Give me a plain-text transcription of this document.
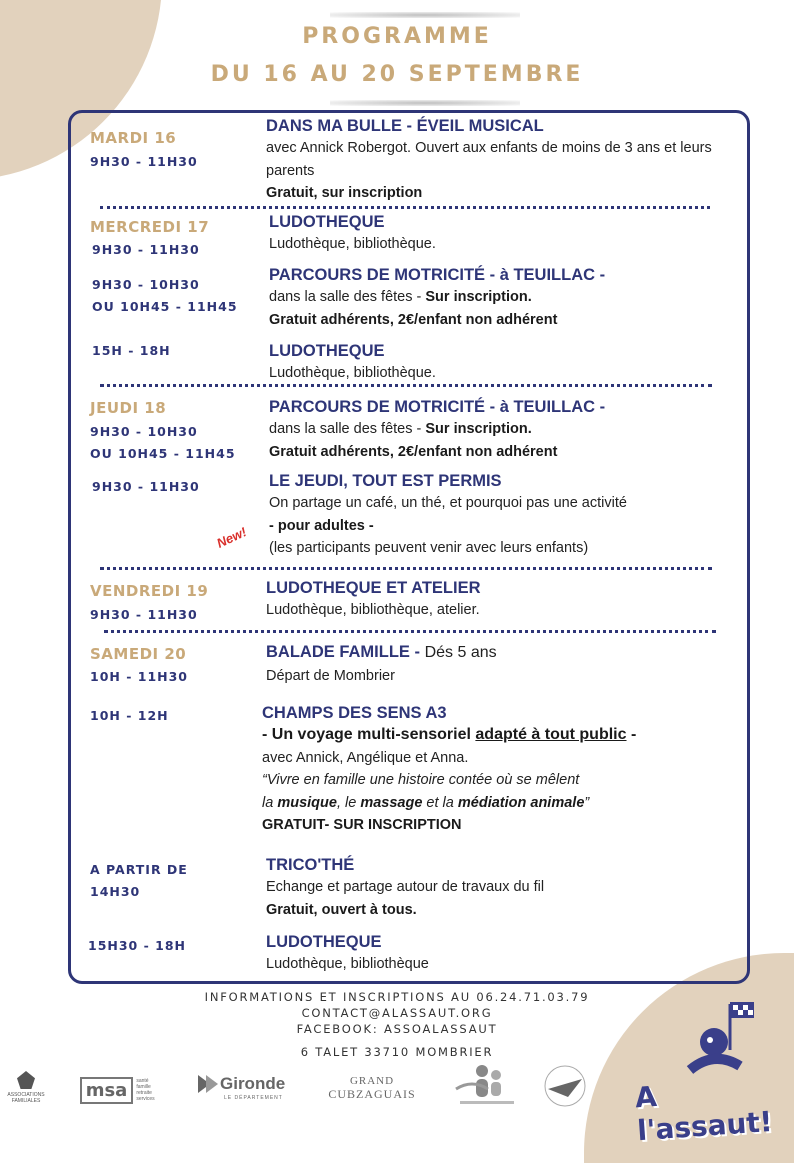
PROGRAMME
DU 16 AU 20 SEPTEMBRE
MARDI 16
9H30 - 11H30
DANS MA BULLE - ÉVEIL MUSICAL
avec Annick Robergot. Ouvert aux enfants de moins de 3 ans et leurs parents
Gratuit, sur inscription
MERCREDI 17
9H30 - 11H30
9H30 - 10H30
OU 10H45 - 11H45
15H - 18H
LUDOTHEQUE
Ludothèque, bibliothèque.
PARCOURS DE MOTRICITÉ - à TEUILLAC -
dans la salle des fêtes - Sur inscription.
Gratuit adhérents, 2€/enfant non adhérent
LUDOTHEQUE
Ludothèque, bibliothèque.
JEUDI 18
9H30 - 10H30
OU 10H45 - 11H45
9H30 - 11H30
New!
PARCOURS DE MOTRICITÉ - à TEUILLAC -
dans la salle des fêtes - Sur inscription.
Gratuit adhérents, 2€/enfant non adhérent
LE JEUDI, TOUT EST PERMIS
On partage un café, un thé, et pourquoi pas une activité
- pour adultes -
(les participants peuvent venir avec leurs enfants)
VENDREDI 19
9H30 - 11H30
LUDOTHEQUE ET ATELIER
Ludothèque, bibliothèque, atelier.
SAMEDI 20
10H - 11H30
10H - 12H
A PARTIR DE
14H30
15H30 - 18H
BALADE FAMILLE - Dés 5 ans
Départ de Mombrier
CHAMPS DES SENS A3
- Un voyage multi-sensoriel adapté à tout public -
avec Annick, Angélique et Anna.
“Vivre en famille une histoire contée où se mêlent
la musique, le massage et la médiation animale”
GRATUIT- SUR INSCRIPTION
TRICO'THÉ
Echange et partage autour de travaux du fil
Gratuit, ouvert à tous.
LUDOTHEQUE
Ludothèque, bibliothèque
INFORMATIONS ET INSCRIPTIONS AU 06.24.71.03.79
CONTACT@ALASSAUT.ORG
FACEBOOK: ASSOALASSAUT
6 TALET 33710 MOMBRIER
ASSOCIATIONS FAMILIALES
msa	santé famille retraite services
Gironde
LE DÉPARTEMENT
GRAND
CUBZAGUAIS	A l'assaut!
